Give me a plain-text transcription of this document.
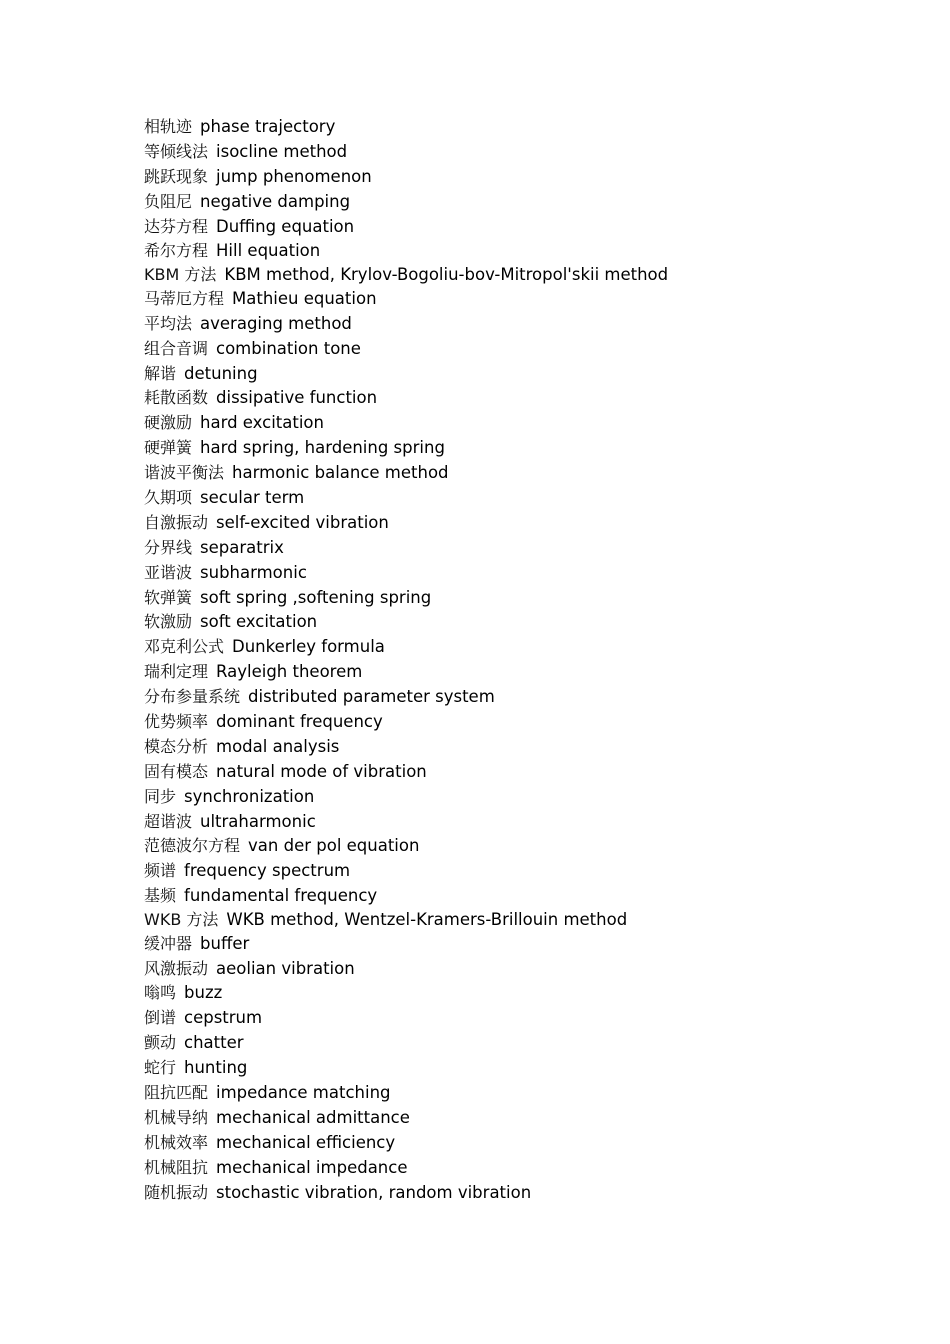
相轨迹 phase trajectory
等倾线法 isocline method
跳跃现象 jump phenomenon
负阻尼 negative damping
达芬方程 Duffing equation
希尔方程 Hill equation
KBM 方法 KBM method, Krylov-Bogoliu-bov-Mitropol'skii method
马蒂厄方程 Mathieu equation
平均法 averaging method
组合音调 combination tone
解谐 detuning
耗散函数 dissipative function
硬激励 hard excitation
硬弹簧 hard spring, hardening spring
谐波平衡法 harmonic balance method
久期项 secular term
自激振动 self-excited vibration
分界线 separatrix
亚谐波 subharmonic
软弹簧 soft spring ,softening spring
软激励 soft excitation
邓克利公式 Dunkerley formula
瑞利定理 Rayleigh theorem
分布参量系统 distributed parameter system
优势频率 dominant frequency
模态分析 modal analysis
固有模态 natural mode of vibration
同步 synchronization
超谐波 ultraharmonic
范德波尔方程 van der pol equation
频谱 frequency spectrum
基频 fundamental frequency
WKB 方法 WKB method, Wentzel-Kramers-Brillouin method
缓冲器 buffer
风激振动 aeolian vibration
嗡鸣 buzz
倒谱 cepstrum
颤动 chatter
蛇行 hunting
阻抗匹配 impedance matching
机械导纳 mechanical admittance
机械效率 mechanical efficiency
机械阻抗 mechanical impedance
随机振动 stochastic vibration, random vibration
